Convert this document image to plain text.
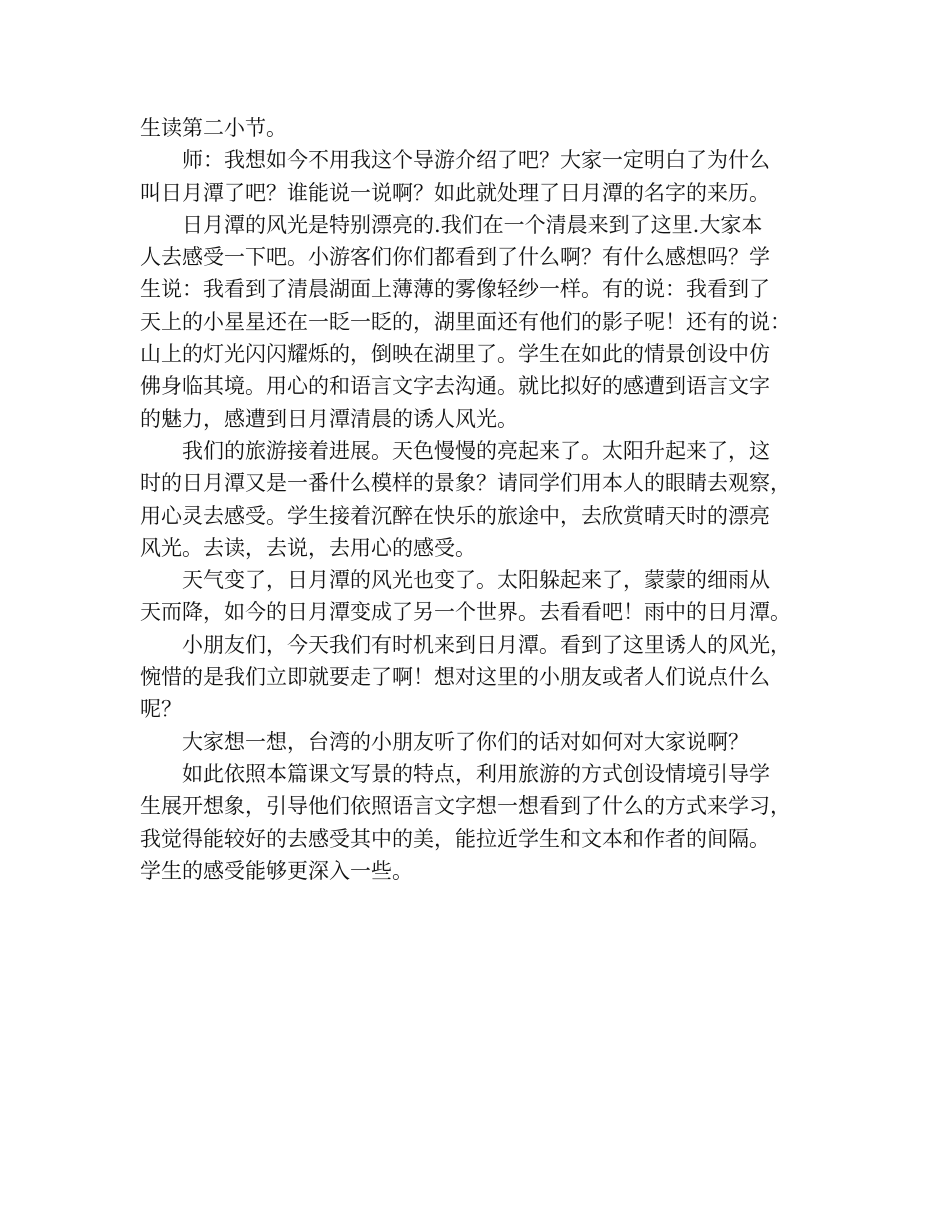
生读第二小节。

师：我想如今不用我这个导游介绍了吧？大家一定明白了为什么
叫日月潭了吧？谁能说一说啊？如此就处理了日月潭的名字的来历。

日月潭的风光是特别漂亮的.我们在一个清晨来到了这里.大家本
人去感受一下吧。小游客们你们都看到了什么啊？有什么感想吗？学
生说：我看到了清晨湖面上薄薄的雾像轻纱一样。有的说：我看到了
天上的小星星还在一眨一眨的，湖里面还有他们的影子呢！还有的说：
山上的灯光闪闪耀烁的，倒映在湖里了。学生在如此的情景创设中仿
佛身临其境。用心的和语言文字去沟通。就比拟好的感遭到语言文字
的魅力，感遭到日月潭清晨的诱人风光。

我们的旅游接着进展。天色慢慢的亮起来了。太阳升起来了，这
时的日月潭又是一番什么模样的景象？请同学们用本人的眼睛去观察，
用心灵去感受。学生接着沉醉在快乐的旅途中，去欣赏晴天时的漂亮
风光。去读，去说，去用心的感受。

天气变了，日月潭的风光也变了。太阳躲起来了，蒙蒙的细雨从
天而降，如今的日月潭变成了另一个世界。去看看吧！雨中的日月潭。

小朋友们，今天我们有时机来到日月潭。看到了这里诱人的风光，
惋惜的是我们立即就要走了啊！想对这里的小朋友或者人们说点什么
呢？

大家想一想，台湾的小朋友听了你们的话对如何对大家说啊？

如此依照本篇课文写景的特点，利用旅游的方式创设情境引导学
生展开想象，引导他们依照语言文字想一想看到了什么的方式来学习，
我觉得能较好的去感受其中的美，能拉近学生和文本和作者的间隔。
学生的感受能够更深入一些。
